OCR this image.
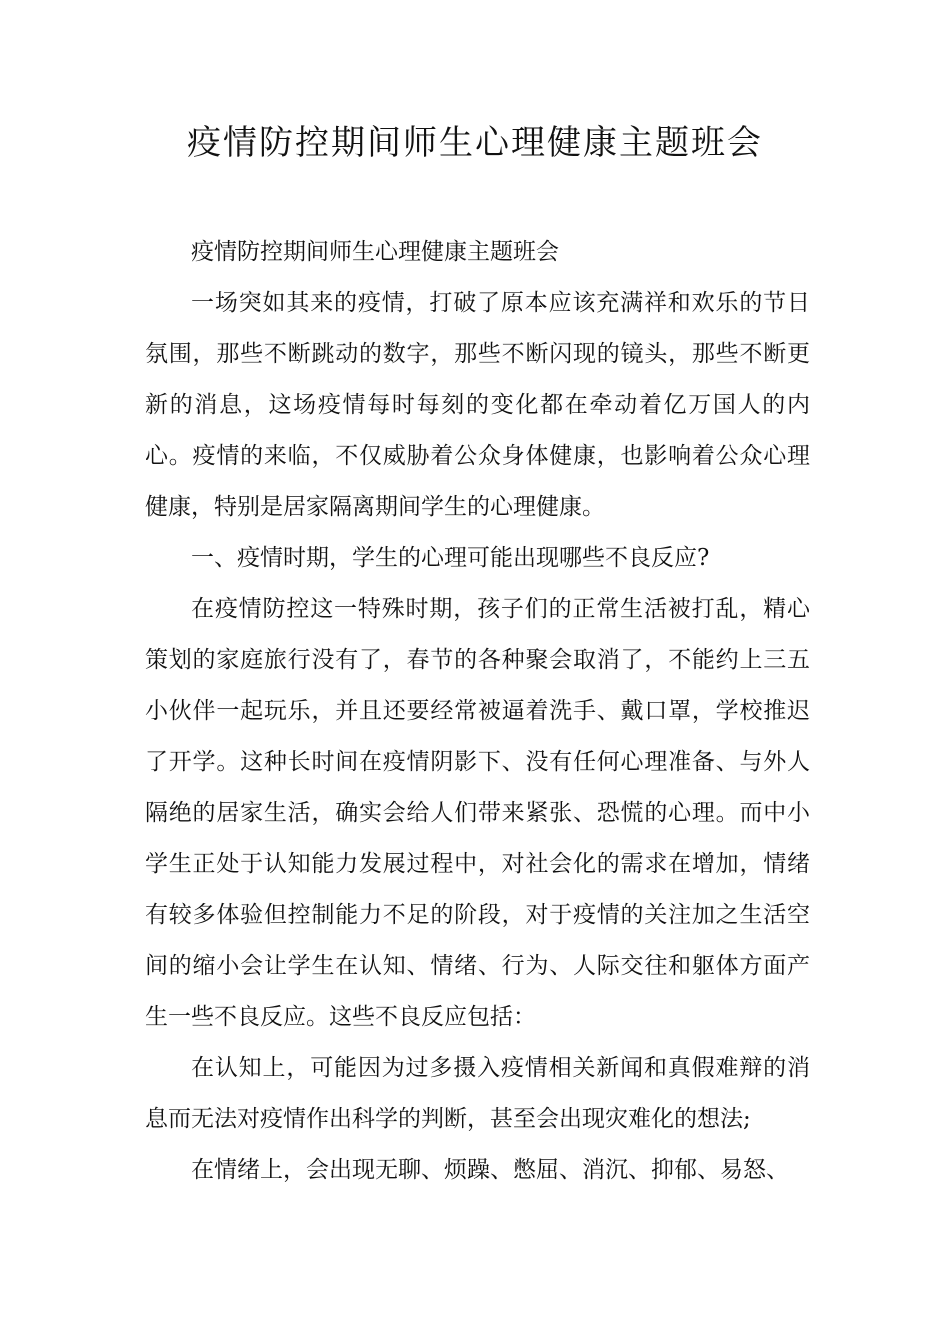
疫情防控期间师生心理健康主题班会

疫情防控期间师生心理健康主题班会

一场突如其来的疫情，打破了原本应该充满祥和欢乐的节日氛围，那些不断跳动的数字，那些不断闪现的镜头，那些不断更新的消息，这场疫情每时每刻的变化都在牵动着亿万国人的内心。疫情的来临，不仅威胁着公众身体健康，也影响着公众心理健康，特别是居家隔离期间学生的心理健康。

一、疫情时期，学生的心理可能出现哪些不良反应?

在疫情防控这一特殊时期，孩子们的正常生活被打乱，精心策划的家庭旅行没有了，春节的各种聚会取消了，不能约上三五小伙伴一起玩乐，并且还要经常被逼着洗手、戴口罩，学校推迟了开学。这种长时间在疫情阴影下、没有任何心理准备、与外人隔绝的居家生活，确实会给人们带来紧张、恐慌的心理。而中小学生正处于认知能力发展过程中，对社会化的需求在增加，情绪有较多体验但控制能力不足的阶段，对于疫情的关注加之生活空间的缩小会让学生在认知、情绪、行为、人际交往和躯体方面产生一些不良反应。这些不良反应包括：

在认知上，可能因为过多摄入疫情相关新闻和真假难辩的消息而无法对疫情作出科学的判断，甚至会出现灾难化的想法;

在情绪上，会出现无聊、烦躁、憋屈、消沉、抑郁、易怒、
